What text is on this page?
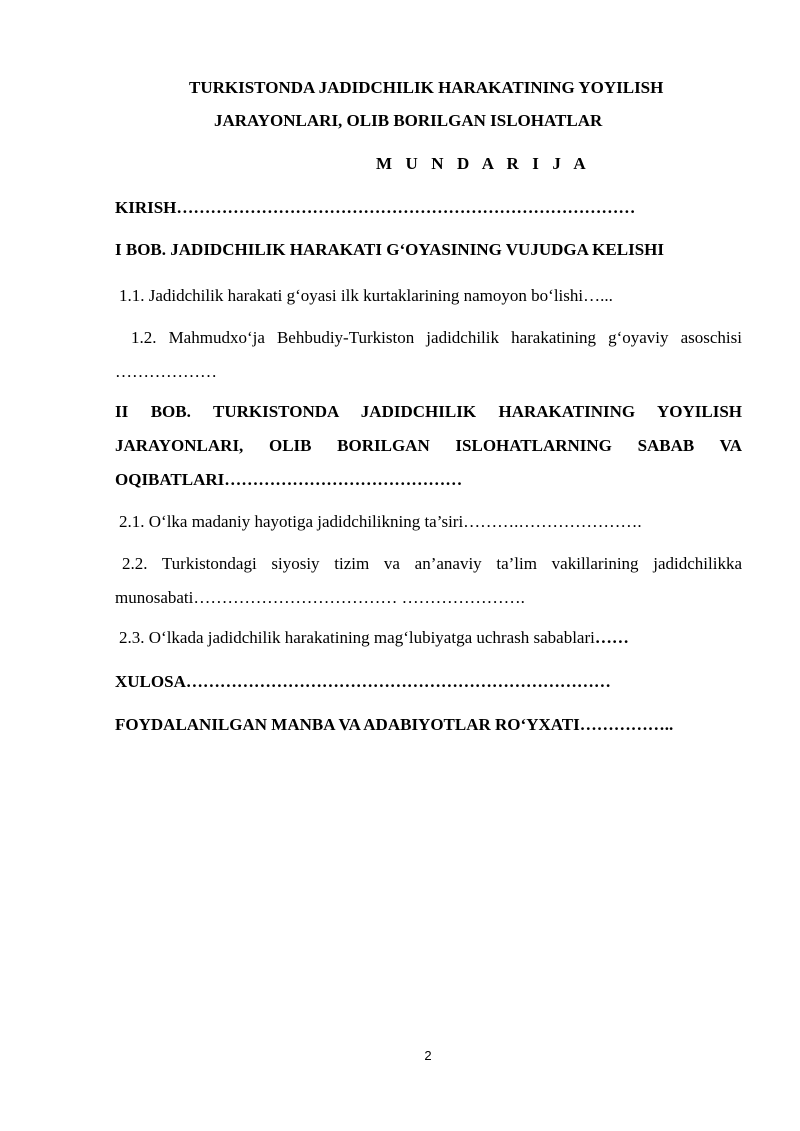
TURKISTONDA JADIDCHILIK HARAKATINING YOYILISH
JARAYONLARI, OLIB BORILGAN ISLOHATLAR
M U N D A R I J A
KIRISH………………………………………………………………………
I BOB. JADIDCHILIK HARAKATI G‘OYASINING VUJUDGA KELISHI
1.1. Jadidchilik harakati g‘oyasi ilk kurtaklarining namoyon bo‘lishi…...
1.2. Mahmudxo‘ja Behbudiy-Turkiston jadidchilik harakatining g‘oyaviy asoschisi ………………
II BOB. TURKISTONDA JADIDCHILIK HARAKATINING YOYILISH JARAYONLARI, OLIB BORILGAN ISLOHATLARNING SABAB VA OQIBATLARI……………………………………
2.1. O‘lka madaniy hayotiga jadidchilikning ta’siri……….………………….
2.2. Turkistondagi siyosiy tizim va an’anaviy ta’lim vakillarining jadidchilikka munosabati……………………………… ………………….
2.3. O‘lkada jadidchilik harakatining mag‘lubiyatga uchrash sabablari……
XULOSA…………………………………………………………………
FOYDALANILGAN MANBA VA ADABIYOTLAR RO‘YXATI……………..
2
